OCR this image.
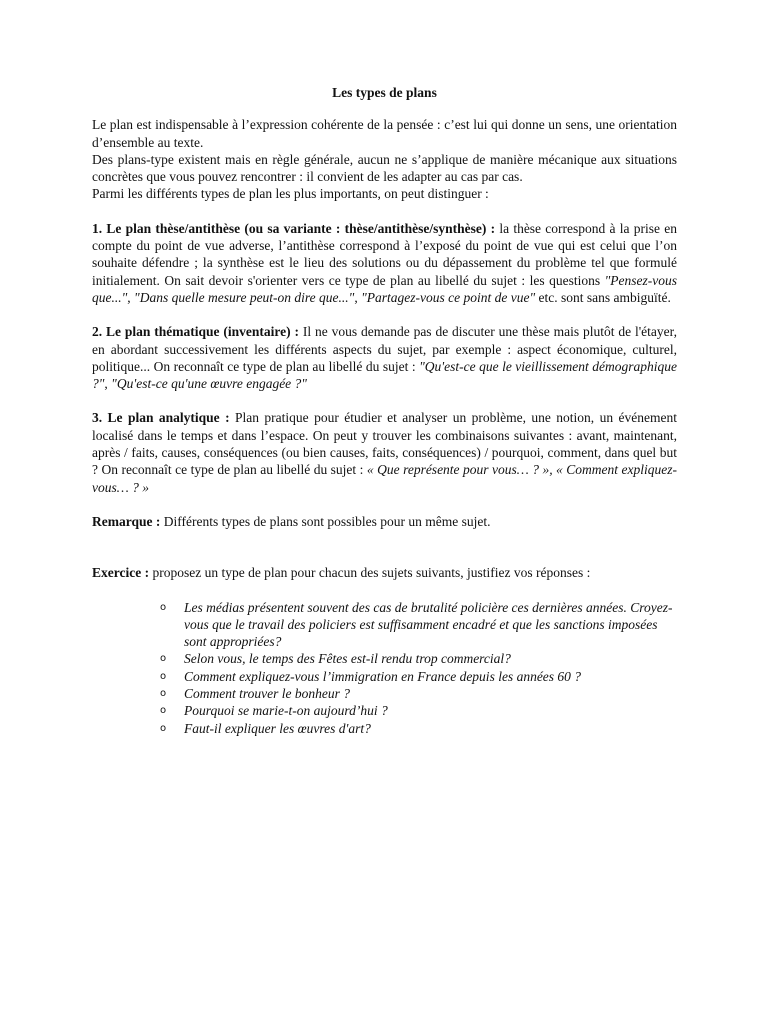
Les types de plans

Le plan est indispensable à l’expression cohérente de la pensée : c’est lui qui donne un sens, une orientation d’ensemble au texte.

Des plans-type existent mais en règle générale, aucun ne s’applique de manière mécanique aux situations concrètes que vous pouvez rencontrer : il convient de les adapter au cas par cas.

Parmi les différents types de plan les plus importants, on peut distinguer :

1. Le plan thèse/antithèse (ou sa variante : thèse/antithèse/synthèse) : la thèse correspond à la prise en compte du point de vue adverse, l’antithèse correspond à l’exposé du point de vue qui est celui que l’on souhaite défendre ; la synthèse est le lieu des solutions ou du dépassement du problème tel que formulé initialement. On sait devoir s'orienter vers ce type de plan au libellé du sujet : les questions "Pensez-vous que...", "Dans quelle mesure peut-on dire que...", "Partagez-vous ce point de vue" etc. sont sans ambiguïté.

2. Le plan thématique (inventaire) : Il ne vous demande pas de discuter une thèse mais plutôt de l'étayer, en abordant successivement les différents aspects du sujet, par exemple : aspect économique, culturel, politique... On reconnaît ce type de plan au libellé du sujet : "Qu'est-ce que le vieillissement démographique ?", "Qu'est-ce qu'une œuvre engagée ?"

3. Le plan analytique : Plan pratique pour étudier et analyser un problème, une notion, un événement localisé dans le temps et dans l’espace. On peut y trouver les combinaisons suivantes : avant, maintenant, après / faits, causes, conséquences (ou bien causes, faits, conséquences) / pourquoi, comment, dans quel but ? On reconnaît ce type de plan au libellé du sujet : « Que représente pour vous… ? », « Comment expliquez-vous… ? »

Remarque : Différents types de plans sont possibles pour un même sujet.

Exercice : proposez un type de plan pour chacun des sujets suivants, justifiez vos réponses :

o Les médias présentent souvent des cas de brutalité policière ces dernières années. Croyez-vous que le travail des policiers est suffisamment encadré et que les sanctions imposées sont appropriées?
o Selon vous, le temps des Fêtes est-il rendu trop commercial?
o Comment expliquez-vous l’immigration en France depuis les années 60 ?
o Comment trouver le bonheur ?
o Pourquoi se marie-t-on aujourd’hui ?
o Faut-il expliquer les œuvres d'art?
